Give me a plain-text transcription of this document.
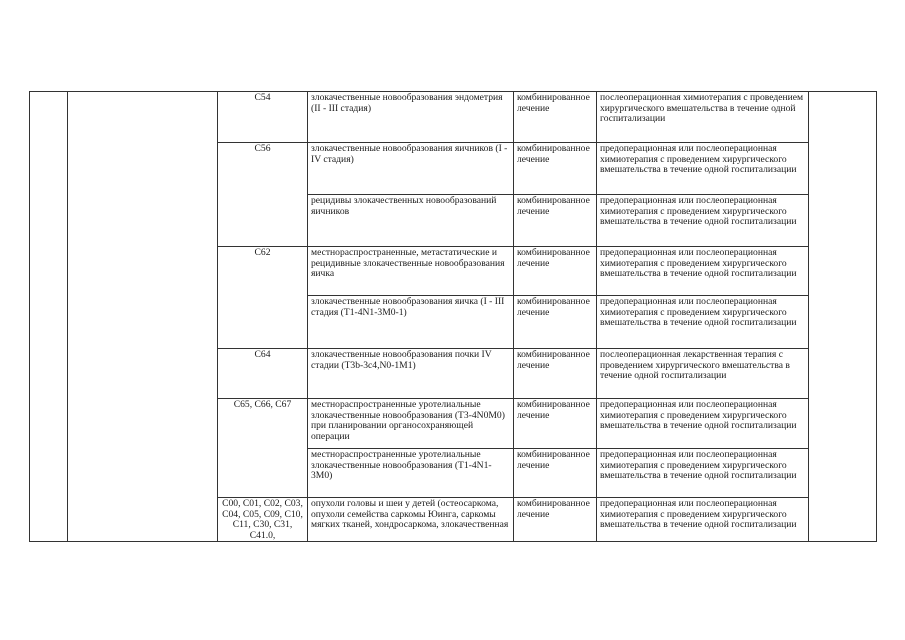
		C54	злокачественные новообразования эндометрия (II - III стадия)	комбинированное лечение	послеоперационная химиотерапия с проведением хирургического вмешательства в течение одной госпитализации	
		C56	злокачественные новообразования яичников (I - IV стадия)	комбинированное лечение	предоперационная или послеоперационная химиотерапия с проведением хирургического вмешательства в течение одной госпитализации	
			рецидивы злокачественных новообразований яичников	комбинированное лечение	предоперационная или послеоперационная химиотерапия с проведением хирургического вмешательства в течение одной госпитализации	
		C62	местнораспространенные, метастатические и рецидивные злокачественные новообразования яичка	комбинированное лечение	предоперационная или послеоперационная химиотерапия с проведением хирургического вмешательства в течение одной госпитализации	
			злокачественные новообразования яичка (I - III стадия (T1-4N1-3M0-1)	комбинированное лечение	предоперационная или послеоперационная химиотерапия с проведением хирургического вмешательства в течение одной госпитализации	
		C64	злокачественные новообразования почки IV стадии (T3b-3c4,N0-1M1)	комбинированное лечение	послеоперационная лекарственная терапия с проведением хирургического вмешательства в течение одной госпитализации	
		C65, C66, C67	местнораспространенные уротелиальные злокачественные новообразования (T3-4N0M0) при планировании органосохраняющей операции	комбинированное лечение	предоперационная или послеоперационная химиотерапия с проведением хирургического вмешательства в течение одной госпитализации	
			местнораспространенные уротелиальные злокачественные новообразования (T1-4N1-3M0)	комбинированное лечение	предоперационная или послеоперационная химиотерапия с проведением хирургического вмешательства в течение одной госпитализации	
		C00, C01, C02, C03, C04, C05, C09, C10, C11, C30, C31, C41.0,	опухоли головы и шеи у детей (остеосаркома, опухоли семейства саркомы Юинга, саркомы мягких тканей, хондросаркома, злокачественная	комбинированное лечение	предоперационная или послеоперационная химиотерапия с проведением хирургического вмешательства в течение одной госпитализации	
